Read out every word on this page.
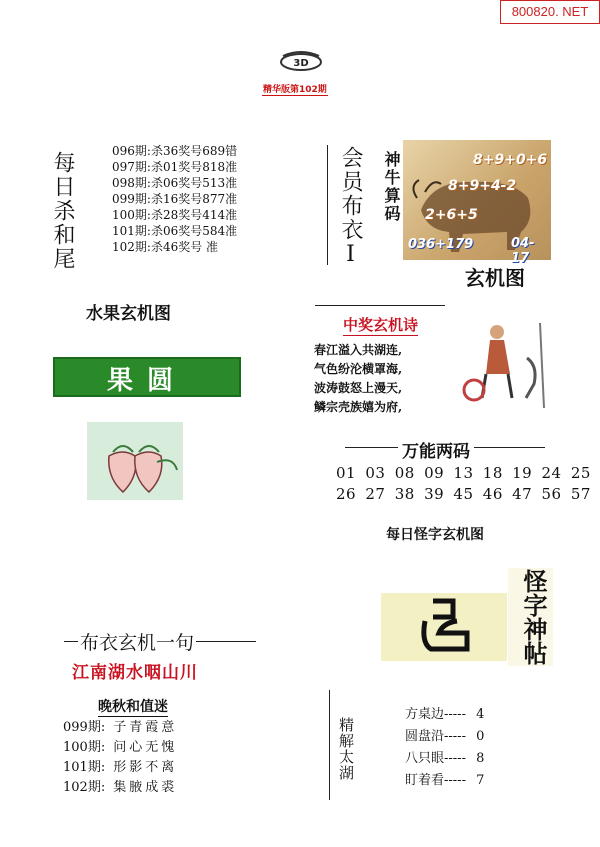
800820. NET
3D
精华版第102期
每日杀和尾	096期:杀36奖号689错
097期:杀01奖号818准
098期:杀06奖号513准
099期:杀16奖号877准
100期:杀28奖号414准
101期:杀06奖号584准
102期:杀46奖号 准	会员布衣I 神牛算码	8+9+0+6
8+9+4-2
2+6+5
036+179	04-17
玄机图
水果玄机图
果圆
中奖玄机诗
春江溢入共湖连,
气色纷沦横罩海,
波涛鼓怒上漫天,
鳞宗壳族嬉为府,
万能两码
01 03 08 09 13 18 19 24 25
26 27 38 39 45 46 47 56 57
每日怪字玄机图
怪字神帖
布衣玄机一句
江南湖水咽山川
晚秋和值迷
099期: 子青霞意
100期: 问心无愧
101期: 形影不离
102期: 集腋成裘
精解太湖
方桌边----- 4
圆盘沿----- 0
八只眼----- 8
盯着看----- 7
